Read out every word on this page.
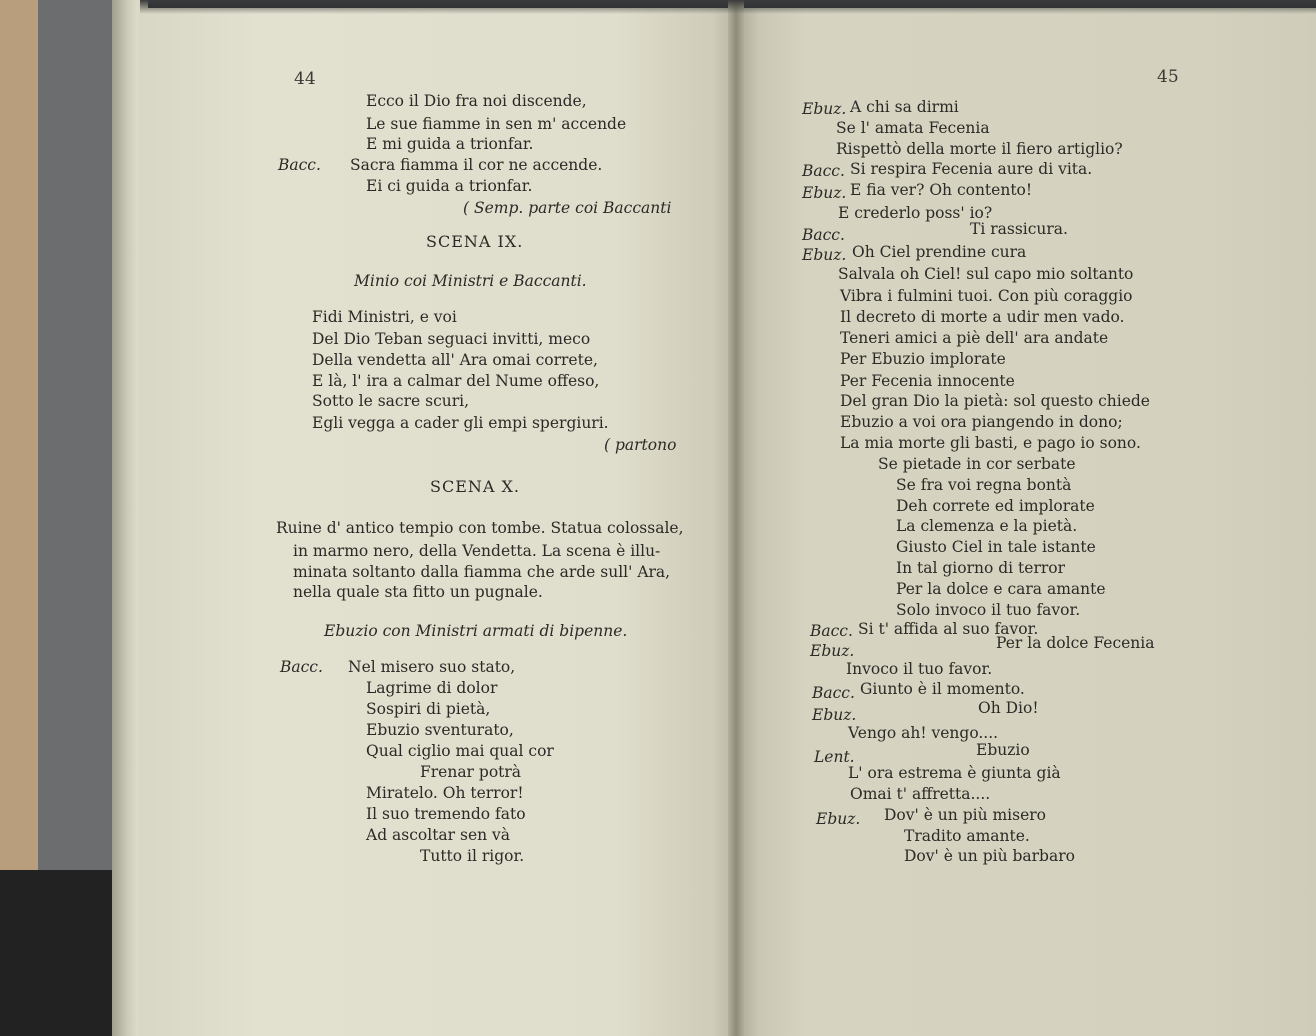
44
Ecco il Dio fra noi discende,
Le sue fiamme in sen m' accende
E mi guida a trionfar.
Bacc. Sacra fiamma il cor ne accende.
Ei ci guida a trionfar.
( Semp. parte coi Baccanti
SCENA IX.
Minio coi Ministri e Baccanti.
Fidi Ministri, e voi
Del Dio Teban seguaci invitti, meco
Della vendetta all' Ara omai correte,
E là, l' ira a calmar del Nume offeso,
Sotto le sacre scuri,
Egli vegga a cader gli empi spergiuri.
( partono
SCENA X.
Ruine d' antico tempio con tombe. Statua colossale,
in marmo nero, della Vendetta. La scena è illu-
minata soltanto dalla fiamma che arde sull' Ara,
nella quale sta fitto un pugnale.
Ebuzio con Ministri armati di bipenne.
Bacc. Nel misero suo stato,
Lagrime di dolor
Sospiri di pietà,
Ebuzio sventurato,
Qual ciglio mai qual cor
Frenar potrà
Miratelo. Oh terror!
Il suo tremendo fato
Ad ascoltar sen và
Tutto il rigor.
45
Ebuz. A chi sa dirmi
Se l' amata Fecenia
Rispettò della morte il fiero artiglio?
Bacc. Si respira Fecenia aure di vita.
Ebuz. E fia ver? Oh contento!
E crederlo poss' io?
Bacc.	Ti rassicura.
Ebuz. Oh Ciel prendine cura
Salvala oh Ciel! sul capo mio soltanto
Vibra i fulmini tuoi. Con più coraggio
Il decreto di morte a udir men vado.
Teneri amici a piè dell' ara andate
Per Ebuzio implorate
Per Fecenia innocente
Del gran Dio la pietà: sol questo chiede
Ebuzio a voi ora piangendo in dono;
La mia morte gli basti, e pago io sono.
Se pietade in cor serbate
Se fra voi regna bontà
Deh correte ed implorate
La clemenza e la pietà.
Giusto Ciel in tale istante
In tal giorno di terror
Per la dolce e cara amante
Solo invoco il tuo favor.
Bacc. Si t' affida al suo favor.
Ebuz.	Per la dolce Fecenia
Invoco il tuo favor.
Bacc. Giunto è il momento.
Ebuz.	Oh Dio!
Vengo ah! vengo....
Lent.	Ebuzio
L' ora estrema è giunta già
Omai t' affretta....
Ebuz. Dov' è un più misero
Tradito amante.
Dov' è un più barbaro
